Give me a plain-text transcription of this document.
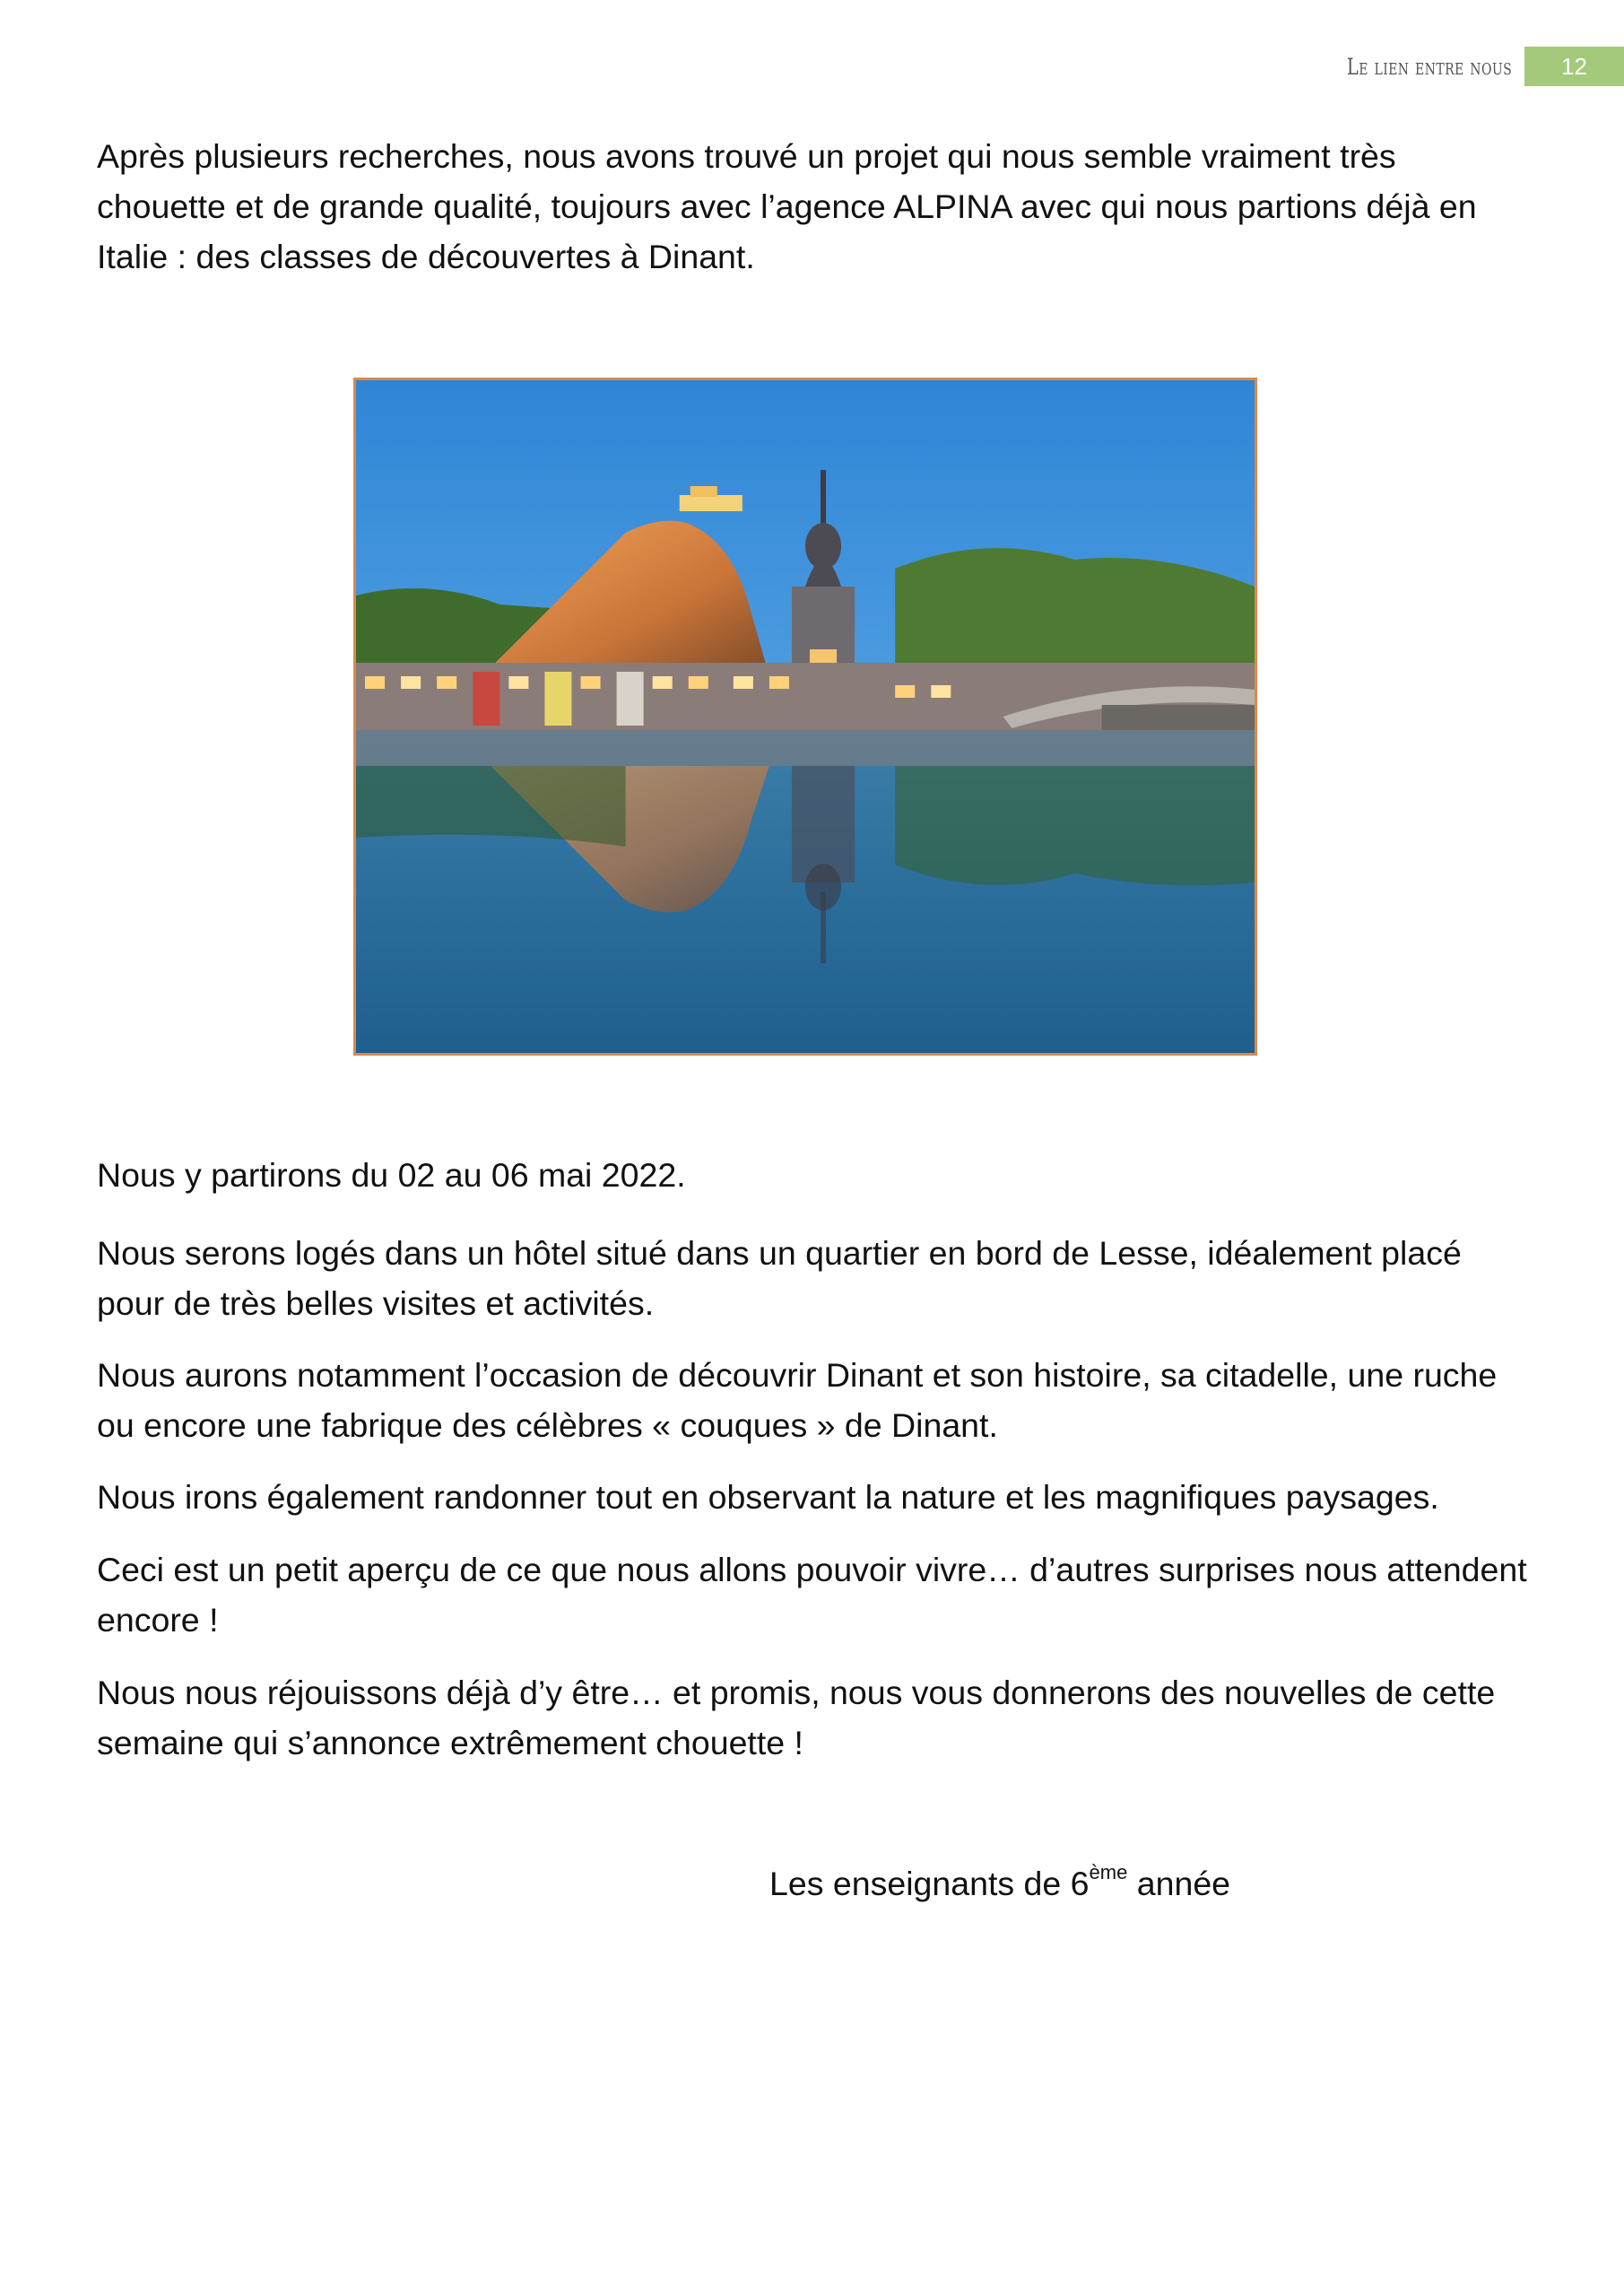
Le lien entre nous	12

Après plusieurs recherches, nous avons trouvé un projet qui nous semble vraiment très chouette et de grande qualité, toujours avec l’agence ALPINA avec qui nous partions déjà en Italie : des classes de découvertes à Dinant.

Nous y partirons du 02 au 06 mai 2022.

Nous serons logés dans un hôtel situé dans un quartier en bord de Lesse, idéalement placé pour de très belles visites et activités.

Nous aurons notamment l’occasion de découvrir Dinant et son histoire, sa citadelle, une ruche ou encore une fabrique des célèbres « couques » de Dinant.

Nous irons également randonner tout en observant la nature et les magnifiques paysages.

Ceci est un petit aperçu de ce que nous allons pouvoir vivre… d’autres surprises nous attendent encore !

Nous nous réjouissons déjà d’y être… et promis, nous vous donnerons des nouvelles de cette semaine qui s’annonce extrêmement chouette !

Les enseignants de 6ème année
